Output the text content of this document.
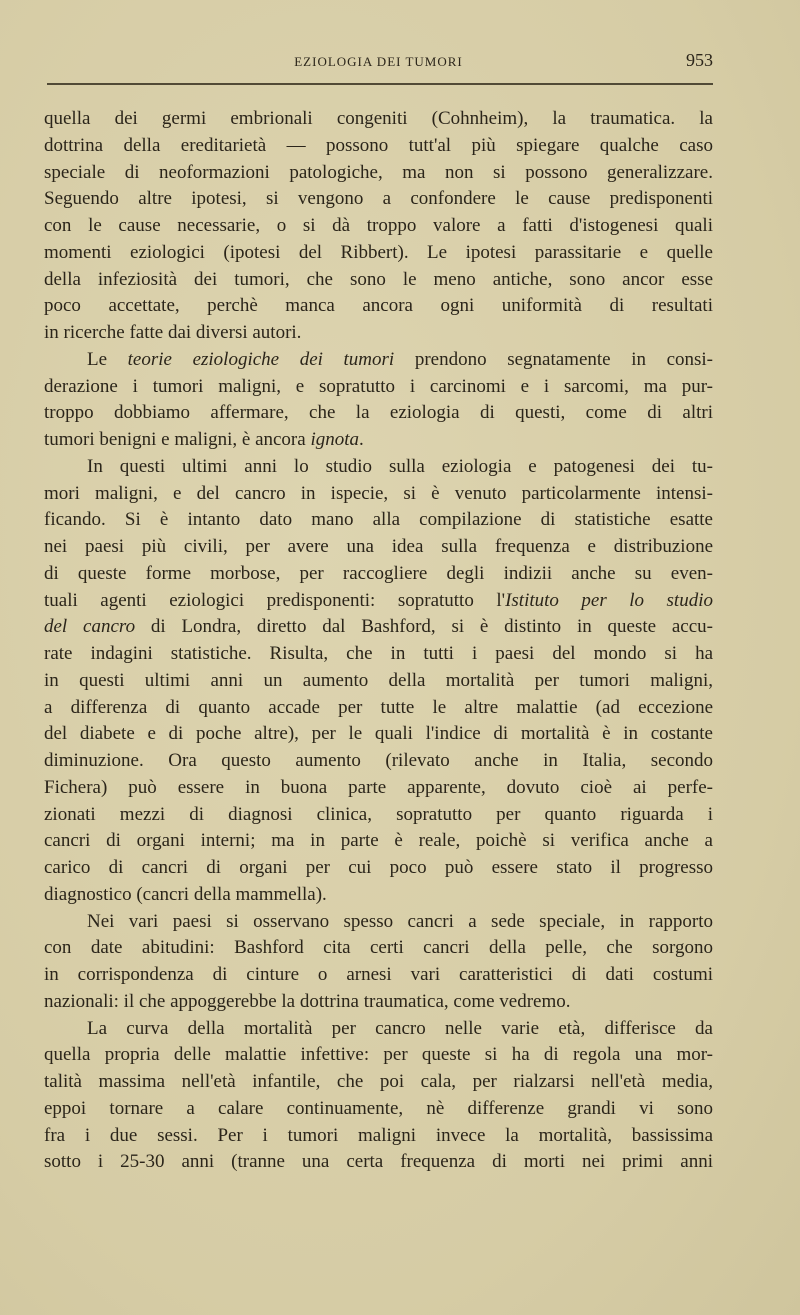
EZIOLOGIA DEI TUMORI	953
quella dei germi embrionali congeniti (Cohnheim), la traumatica. la
dottrina della ereditarietà — possono tutt'al più spiegare qualche caso
speciale di neoformazioni patologiche, ma non si possono generalizzare.
Seguendo altre ipotesi, si vengono a confondere le cause predisponenti
con le cause necessarie, o si dà troppo valore a fatti d'istogenesi quali
momenti eziologici (ipotesi del Ribbert). Le ipotesi parassitarie e quelle
della infeziosità dei tumori, che sono le meno antiche, sono ancor esse
poco accettate, perchè manca ancora ogni uniformità di resultati
in ricerche fatte dai diversi autori.
Le teorie eziologiche dei tumori prendono segnatamente in consi-
derazione i tumori maligni, e sopratutto i carcinomi e i sarcomi, ma pur-
troppo dobbiamo affermare, che la eziologia di questi, come di altri
tumori benigni e maligni, è ancora ignota.
In questi ultimi anni lo studio sulla eziologia e patogenesi dei tu-
mori maligni, e del cancro in ispecie, si è venuto particolarmente intensi-
ficando. Si è intanto dato mano alla compilazione di statistiche esatte
nei paesi più civili, per avere una idea sulla frequenza e distribuzione
di queste forme morbose, per raccogliere degli indizii anche su even-
tuali agenti eziologici predisponenti: sopratutto l'Istituto per lo studio
del cancro di Londra, diretto dal Bashford, si è distinto in queste accu-
rate indagini statistiche. Risulta, che in tutti i paesi del mondo si ha
in questi ultimi anni un aumento della mortalità per tumori maligni,
a differenza di quanto accade per tutte le altre malattie (ad eccezione
del diabete e di poche altre), per le quali l'indice di mortalità è in costante
diminuzione. Ora questo aumento (rilevato anche in Italia, secondo
Fichera) può essere in buona parte apparente, dovuto cioè ai perfe-
zionati mezzi di diagnosi clinica, sopratutto per quanto riguarda i
cancri di organi interni; ma in parte è reale, poichè si verifica anche a
carico di cancri di organi per cui poco può essere stato il progresso
diagnostico (cancri della mammella).
Nei vari paesi si osservano spesso cancri a sede speciale, in rapporto
con date abitudini: Bashford cita certi cancri della pelle, che sorgono
in corrispondenza di cinture o arnesi vari caratteristici di dati costumi
nazionali: il che appoggerebbe la dottrina traumatica, come vedremo.
La curva della mortalità per cancro nelle varie età, differisce da
quella propria delle malattie infettive: per queste si ha di regola una mor-
talità massima nell'età infantile, che poi cala, per rialzarsi nell'età media,
eppoi tornare a calare continuamente, nè differenze grandi vi sono
fra i due sessi. Per i tumori maligni invece la mortalità, bassissima
sotto i 25-30 anni (tranne una certa frequenza di morti nei primi anni
